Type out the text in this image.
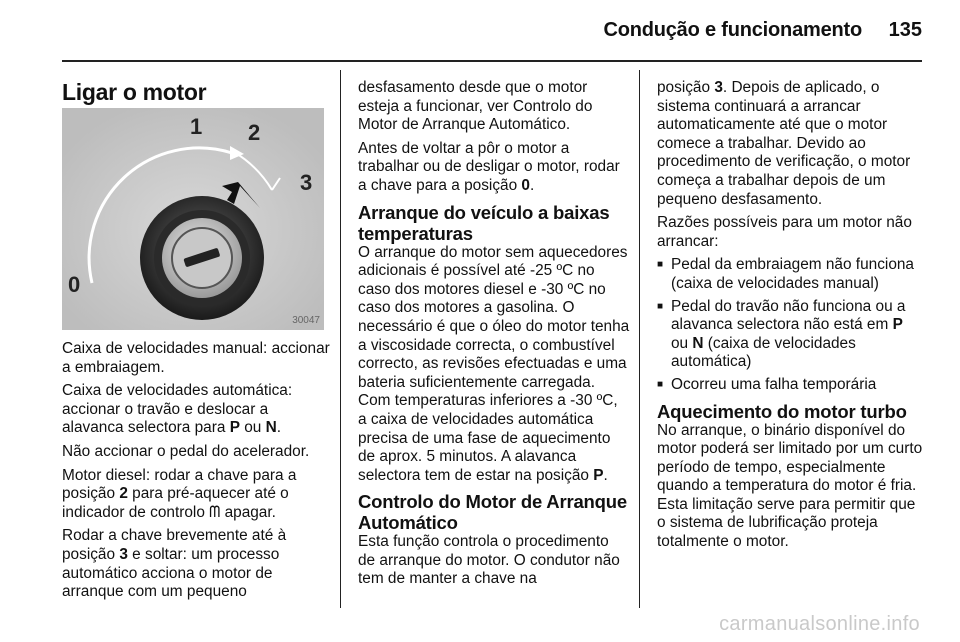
Condução e funcionamento 135
Ligar o motor
1 2
3
0
30047

Caixa de velocidades manual: accionar a embraiagem.

Caixa de velocidades automática: accionar o travão e deslocar a alavanca selectora para P ou N.

Não accionar o pedal do acelerador.

Motor diesel: rodar a chave para a posição 2 para pré-aquecer até o indicador de controlo ᗰ apagar.

Rodar a chave brevemente até à posição 3 e soltar: um processo automático acciona o motor de arranque com um pequeno

desfasamento desde que o motor esteja a funcionar, ver Controlo do Motor de Arranque Automático.

Antes de voltar a pôr o motor a trabalhar ou de desligar o motor, rodar a chave para a posição 0.

Arranque do veículo a baixas temperaturas

O arranque do motor sem aquecedores adicionais é possível até -25 ºC no caso dos motores diesel e -30 ºC no caso dos motores a gasolina. O necessário é que o óleo do motor tenha a viscosidade correcta, o combustível correcto, as revisões efectuadas e uma bateria suficientemente carregada. Com temperaturas inferiores a -30 ºC, a caixa de velocidades automática precisa de uma fase de aquecimento de aprox. 5 minutos. A alavanca selectora tem de estar na posição P.

Controlo do Motor de Arranque Automático

Esta função controla o procedimento de arranque do motor. O condutor não tem de manter a chave na

posição 3. Depois de aplicado, o sistema continuará a arrancar automaticamente até que o motor comece a trabalhar. Devido ao procedimento de verificação, o motor começa a trabalhar depois de um pequeno desfasamento.

Razões possíveis para um motor não arrancar:

■ Pedal da embraiagem não funciona (caixa de velocidades manual)
■ Pedal do travão não funciona ou a alavanca selectora não está em P ou N (caixa de velocidades automática)
■ Ocorreu uma falha temporária
Aquecimento do motor turbo

No arranque, o binário disponível do motor poderá ser limitado por um curto período de tempo, especialmente quando a temperatura do motor é fria. Esta limitação serve para permitir que o sistema de lubrificação proteja totalmente o motor.

carmanualsonline.info
